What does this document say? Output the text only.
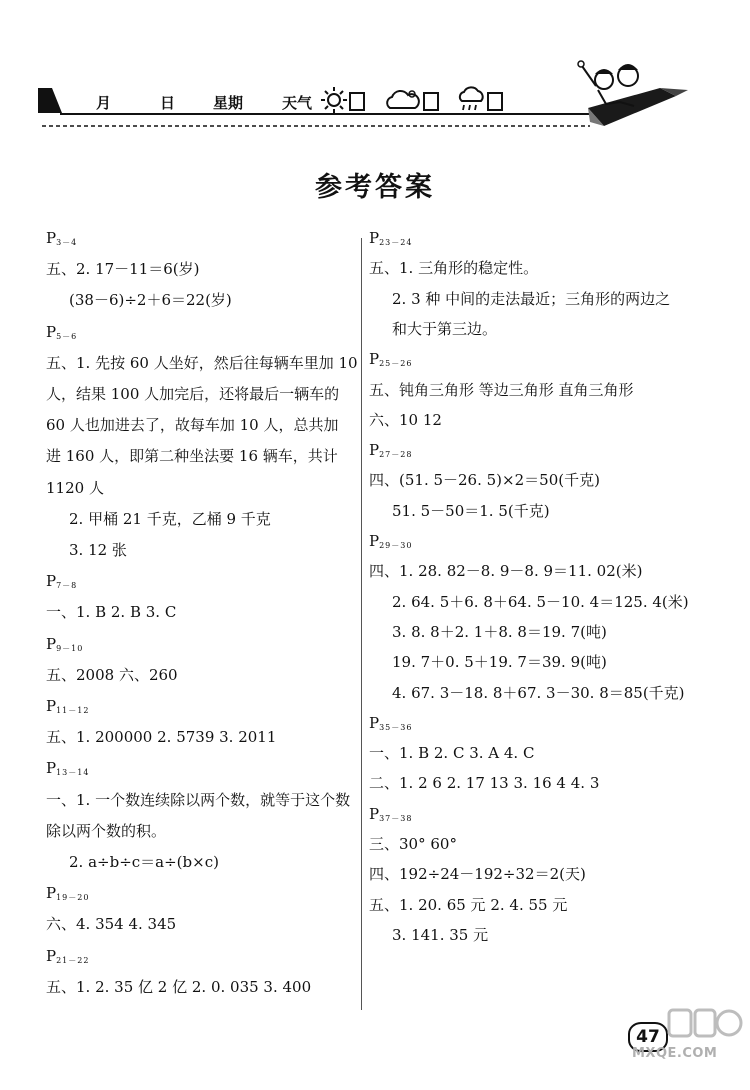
月	日	星期	天气
参考答案
P3－4
五、2. 17－11＝6(岁)
(38－6)÷2＋6＝22(岁)
P5－6
五、1. 先按 60 人坐好，然后往每辆车里加 10
人，结果 100 人加完后，还将最后一辆车的
60 人也加进去了，故每车加 10 人，总共加
进 160 人，即第二种坐法要 16 辆车，共计
1120 人
2. 甲桶 21 千克，乙桶 9 千克
3. 12 张
P7－8
一、1. B 2. B 3. C
P9－10
五、2008 六、260
P11－12
五、1. 200000 2. 5739 3. 2011
P13－14
一、1. 一个数连续除以两个数，就等于这个数
除以两个数的积。
2. a÷b÷c＝a÷(b×c)
P19－20
六、4. 354 4. 345
P21－22
五、1. 2. 35 亿 2 亿 2. 0. 035 3. 400
P23－24
五、1. 三角形的稳定性。
2. 3 种 中间的走法最近；三角形的两边之
和大于第三边。
P25－26
五、钝角三角形 等边三角形 直角三角形
六、10 12
P27－28
四、(51. 5－26. 5)×2＝50(千克)
51. 5－50＝1. 5(千克)
P29－30
四、1. 28. 82－8. 9－8. 9＝11. 02(米)
2. 64. 5＋6. 8＋64. 5－10. 4＝125. 4(米)
3. 8. 8＋2. 1＋8. 8＝19. 7(吨)
19. 7＋0. 5＋19. 7＝39. 9(吨)
4. 67. 3－18. 8＋67. 3－30. 8＝85(千克)
P35－36
一、1. B 2. C 3. A 4. C
二、1. 2 6 2. 17 13 3. 16 4 4. 3
P37－38
三、30° 60°
四、192÷24－192÷32＝2(天)
五、1. 20. 65 元 2. 4. 55 元
3. 141. 35 元
47
MXQE.COM
